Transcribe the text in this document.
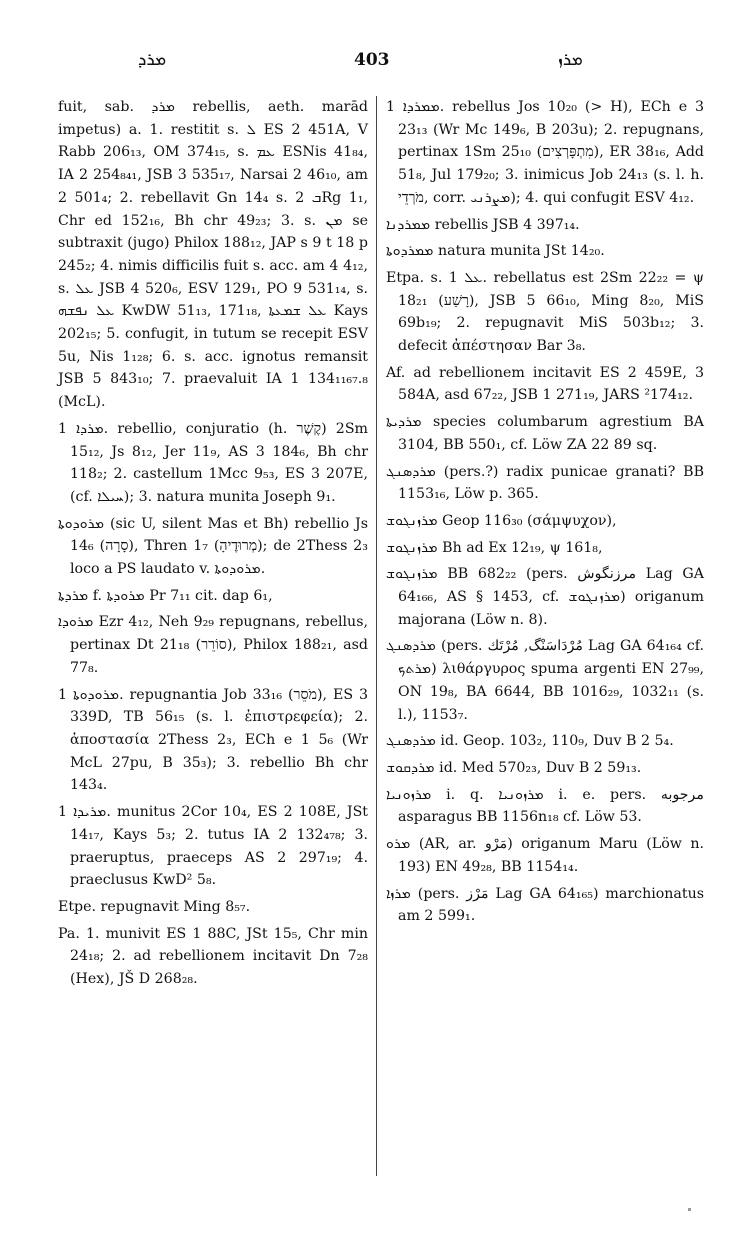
ܡܪܕ	403	ܡܪܙ

fuit, sab. ܡܪܕ rebellis, aeth. marād impetus) a. 1. restitit s. ܠ ES 2 451A, V Rabb 206₁₃, OM 374₁₅, s. ܥܡ ESNis 41₈₄, IA 2 254₈₄₁, JSB 3 535₁₇, Narsai 2 46₁₀, am 2 501₄; 2. rebellavit Gn 14₄ s. ܒ 2Rg 1₁, Chr ed 152₁₆, Bh chr 49₂₃; 3. s. ܡܢ se subtraxit (jugo) Philox 188₁₂, JAP s 9 t 18 p 245₂; 4. nimis difficilis fuit s. acc. am 4 4₁₂, s. ܥܠ JSB 4 520₆, ESV 129₁, PO 9 531₁₄, s. ܥܠ ܢܦܫܗ KwDW 51₁₃, 171₁₈, ܥܠ ܫܡܥܬܐ Kays 202₁₅; 5. confugit, in tutum se recepit ESV 5u, Nis 1₁₂₈; 6. s. acc. ignotus remansit JSB 5 843₁₀; 7. praevaluit IA 1 134₁₁₆₇.₈ (McL).

ܡܪܕܐ 1. rebellio, conjuratio (h. קֶשֶׁר) 2Sm 15₁₂, Js 8₁₂, Jer 11₉, AS 3 184₆, Bh chr 118₂; 2. castellum 1Mcc 9₅₃, ES 3 207E, (cf. ܚܝܠܐ); 3. natura munita Joseph 9₁.

ܡܪܘܕܘܬܐ (sic U, silent Mas et Bh) rebellio Js 14₆ (סָרָה), Thren 1₇ (מְרוּדֶיהָ); de 2Thess 2₃ loco a PS laudato v. ܡܪܘܕܘܬܐ.

ܡܪܕܬܐ f. ܡܪܘܕܬܐ Pr 7₁₁ cit. dap 6₁,

ܡܪܘܕܐ Ezr 4₁₂, Neh 9₂₉ repugnans, rebellus, pertinax Dt 21₁₈ (סוֹרֵר), Philox 188₂₁, asd 77₈.

ܡܪܘܕܘܬܐ 1. repugnantia Job 33₁₆ (מֹסֵר), ES 3 339D, TB 56₁₅ (s. l. ἐπιστρεφεία); 2. ἀποστασία 2Thess 2₃, ECh e 1 5₆ (Wr McL 27pu, B 35₃); 3. rebellio Bh chr 143₄.

ܡܪܝܕܐ 1. munitus 2Cor 10₄, ES 2 108E, JSt 14₁₇, Kays 5₃; 2. tutus IA 2 132₄₇₈; 3. praeruptus, praeceps AS 2 297₁₉; 4. praeclusus KwD² 5₈.

Etpe. repugnavit Ming 8₅₇.

Pa. 1. munivit ES 1 88C, JSt 15₅, Chr min 24₁₈; 2. ad rebellionem incitavit Dn 7₂₈ (Hex), JŠ D 268₂₈.

ܡܡܪܕܐ 1. rebellus Jos 10₂₀ (> H), ECh e 3 23₁₃ (Wr Mc 149₆, B 203u); 2. repugnans, pertinax 1Sm 25₁₀ (מִתְפָּרְצִים), ER 38₁₆, Add 51₈, Jul 179₂₀; 3. inimicus Job 24₁₃ (s. l. h. מֹרְדֵי, corr. ܡܨܪܢܝ); 4. qui confugit ESV 4₁₂.

ܡܡܪܕܢܐ rebellis JSB 4 397₁₄.

ܡܡܪܕܘܬܐ natura munita JSt 14₂₀.

Etpa. s. ܥܠ 1. rebellatus est 2Sm 22₂₂ = ψ 18₂₁ (רָשַׁע), JSB 5 66₁₀, Ming 8₂₀, MiS 69b₁₉; 2. repugnavit MiS 503b₁₂; 3. defecit ἀπέστησαν Bar 3₈.

Af. ad rebellionem incitavit ES 2 459E, 3 584A, asd 67₂₂, JSB 1 271₁₉, JARS ²174₁₂.

ܡܪܕܝܬܐ species columbarum agrestium BA 3104, BB 550₁, cf. Löw ZA 22 89 sq.

ܡܪܕܣܢܓ (pers.?) radix punicae granati? BB 1153₁₆, Löw p. 365.

ܡܪܙܢܓܘܫ Geop 116₃₀ (σάμψυχον),

ܡܪܙܢܓܘܫ Bh ad Ex 12₁₉, ψ 161₈,

ܡܪܙܢܓܘܫ BB 682₂₂ (pers. مرزنگوش Lag GA 64₁₆₆, AS § 1453, cf. ܡܪܙܢܓܘܫ) origanum majorana (Löw n. 8).

ܡܪܕܣܢܓ (pers. مُرْدَاسَنْگ, مُرْتَك Lag GA 64₁₆₄ cf. ܡܪܬܟ) λιθάργυρος spuma argenti EN 27₉₉, ON 19₈, BA 6644, BB 1016₂₉, 1032₁₁ (s. l.), 1153₇.

ܡܪܕܣܢܓ id. Geop. 103₂, 110₉, Duv B 2 5₄.

ܡܪܕܩܘܫ id. Med 570₂₃, Duv B 2 59₁₃.

ܡܪܙܘܢܝܐ i. q. ܡܪܙܘܢܝܐ i. e. pers. مرجوبه asparagus BB 1156n₁₈ cf. Löw 53.

ܡܪܘ (AR, ar. مَرْو) origanum Maru (Löw n. 193) EN 49₂₈, BB 1154₁₄.

ܡܪܙܐ (pers. مَرْز Lag GA 64₁₆₅) marchionatus am 2 599₁.
